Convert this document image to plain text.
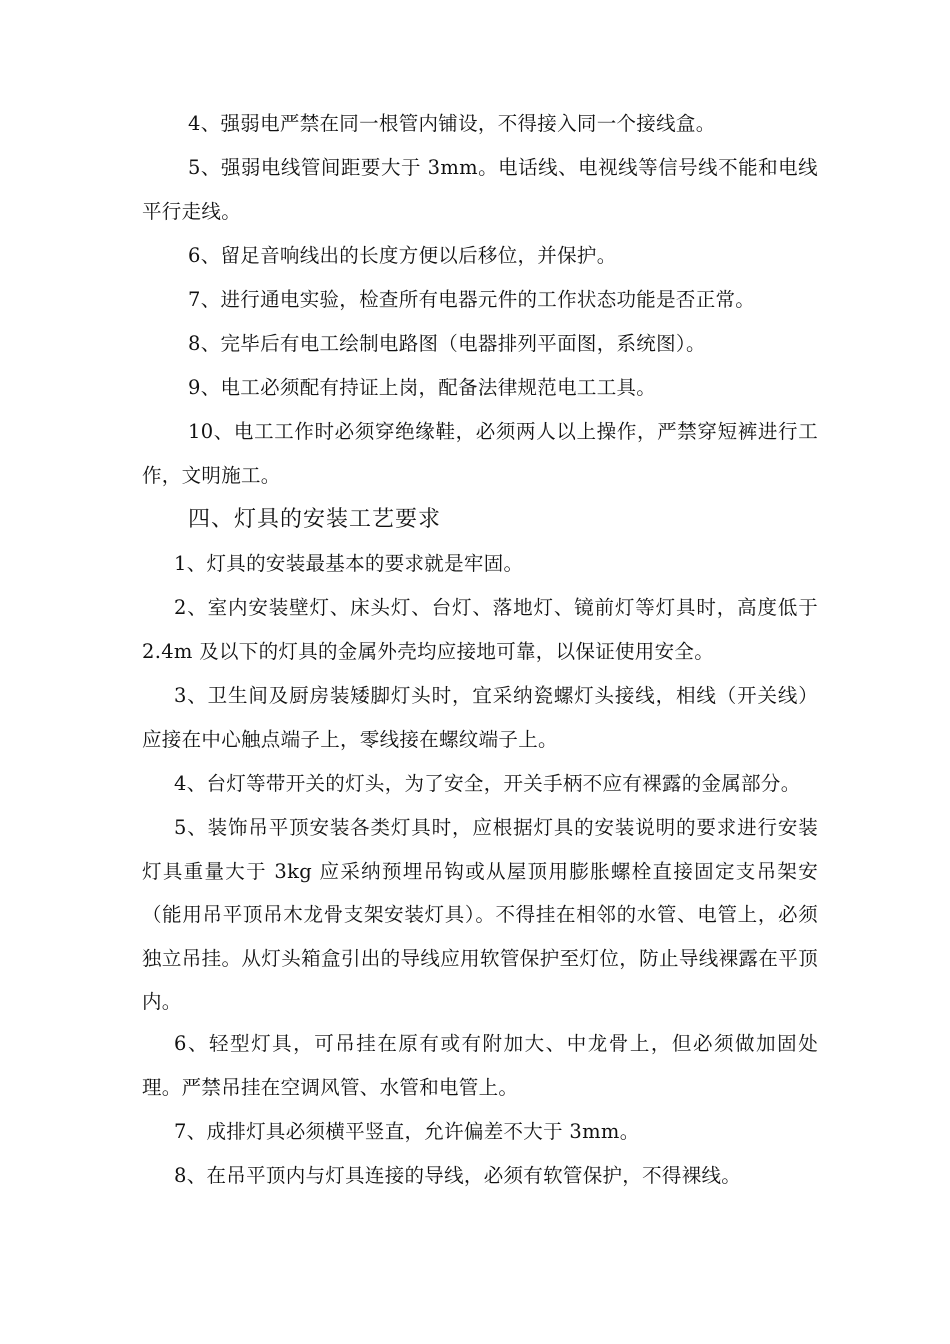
4、强弱电严禁在同一根管内铺设，不得接入同一个接线盒。

5、强弱电线管间距要大于 3mm。电话线、电视线等信号线不能和电线平行走线。

6、留足音响线出的长度方便以后移位，并保护。

7、进行通电实验，检查所有电器元件的工作状态功能是否正常。

8、完毕后有电工绘制电路图（电器排列平面图，系统图）。

9、电工必须配有持证上岗，配备法律规范电工工具。

10、电工工作时必须穿绝缘鞋，必须两人以上操作，严禁穿短裤进行工作，文明施工。

四、灯具的安装工艺要求

1、灯具的安装最基本的要求就是牢固。

2、室内安装壁灯、床头灯、台灯、落地灯、镜前灯等灯具时，高度低于 2.4m 及以下的灯具的金属外壳均应接地可靠，以保证使用安全。

3、卫生间及厨房装矮脚灯头时，宜采纳瓷螺灯头接线，相线（开关线）应接在中心触点端子上，零线接在螺纹端子上。

4、台灯等带开关的灯头，为了安全，开关手柄不应有裸露的金属部分。

5、装饰吊平顶安装各类灯具时，应根据灯具的安装说明的要求进行安装灯具重量大于 3kg 应采纳预埋吊钩或从屋顶用膨胀螺栓直接固定支吊架安（能用吊平顶吊木龙骨支架安装灯具）。不得挂在相邻的水管、电管上，必须独立吊挂。从灯头箱盒引出的导线应用软管保护至灯位，防止导线裸露在平顶内。

6、轻型灯具，可吊挂在原有或有附加大、中龙骨上，但必须做加固处理。严禁吊挂在空调风管、水管和电管上。

7、成排灯具必须横平竖直，允许偏差不大于 3mm。

8、在吊平顶内与灯具连接的导线，必须有软管保护，不得裸线。
